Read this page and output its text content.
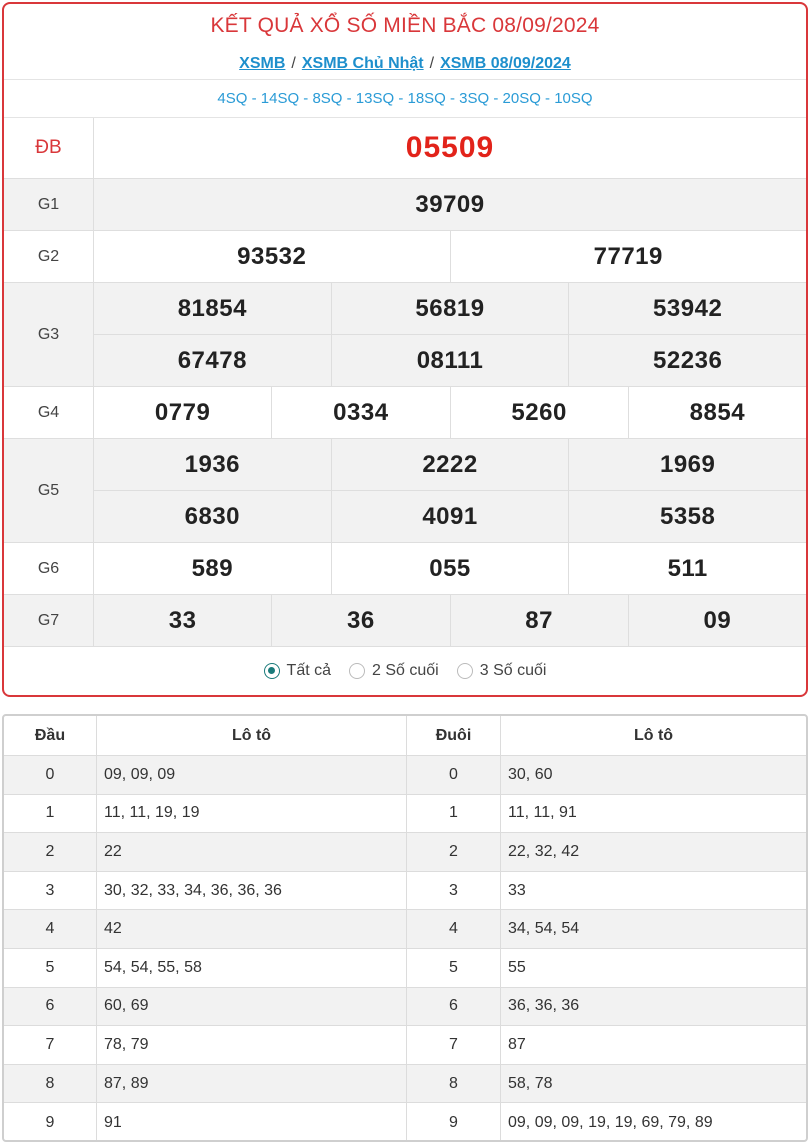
KẾT QUẢ XỔ SỐ MIỀN BẮC 08/09/2024
XSMB / XSMB Chủ Nhật / XSMB 08/09/2024
4SQ - 14SQ - 8SQ - 13SQ - 18SQ - 3SQ - 20SQ - 10SQ
ĐB	05509
G1	39709
G2	93532	77719
G3
81854	56819	53942
67478	08111	52236
G4	0779	0334	5260	8854
G5
1936	2222	1969
6830	4091	5358
G6	589	055	511
G7	33	36	87	09
Tất cả	2 Số cuối	3 Số cuối
Đầu	Lô tô	Đuôi	Lô tô
0	09, 09, 09	0	30, 60
1	11, 11, 19, 19	1	11, 11, 91
2	22	2	22, 32, 42
3	30, 32, 33, 34, 36, 36, 36	3	33
4	42	4	34, 54, 54
5	54, 54, 55, 58	5	55
6	60, 69	6	36, 36, 36
7	78, 79	7	87
8	87, 89	8	58, 78
9	91	9	09, 09, 09, 19, 19, 69, 79, 89
